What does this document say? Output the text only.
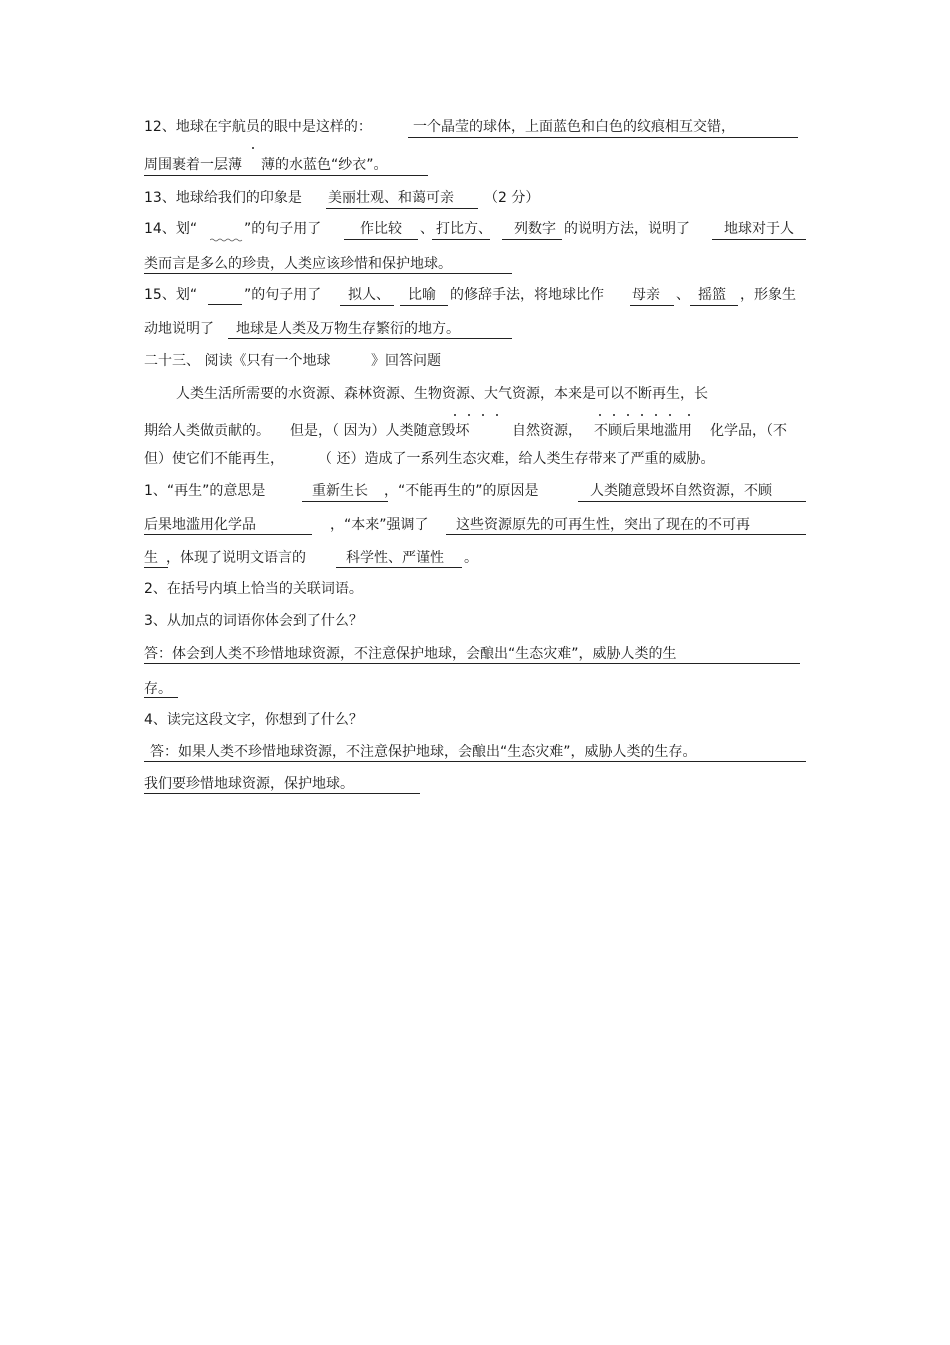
12、地球在宇航员的眼中是这样的：	一个晶莹的球体，上面蓝色和白色的纹痕相互交错，
周围裹着一层薄 薄的水蓝色“纱衣”。
13、地球给我们的印象是 美丽壮观、和蔼可亲 （2 分）
14、划“	”的句子用了	作比较 、 打比方、 列数字 的说明方法，说明了 地球对于人
类而言是多么的珍贵，人类应该珍惜和保护地球。
15、划“	”的句子用了 拟人、 比喻 的修辞手法，将地球比作 母亲 、 摇篮 ，形象生
动地说明了 地球是人类及万物生存繁衍的地方。
二十三、 阅读《只有一个地球	》回答问题
人类生活所需要的水资源、森林资源、生物资源、大气资源，本来是可以不断再生，长
期给人类做贡献的。 但是，（ 因为）人类随意毁坏	自然资源， 不顾后果地滥用 化学品，（不
但）使它们不能再生， （ 还）造成了一系列生态灾难，给人类生存带来了严重的威胁。
1、“再生”的意思是	重新生长 ，“不能再生的”的原因是	人类随意毁坏自然资源，不顾
后果地滥用化学品	，“本来”强调了 这些资源原先的可再生性，突出了现在的不可再
生 ，体现了说明文语言的	科学性、严谨性 。
2、在括号内填上恰当的关联词语。
3、从加点的词语你体会到了什么？
答：体会到人类不珍惜地球资源，不注意保护地球，会酿出“生态灾难”，威胁人类的生
存。
4、读完这段文字，你想到了什么？
答：如果人类不珍惜地球资源，不注意保护地球，会酿出“生态灾难”，威胁人类的生存。
我们要珍惜地球资源，保护地球。
